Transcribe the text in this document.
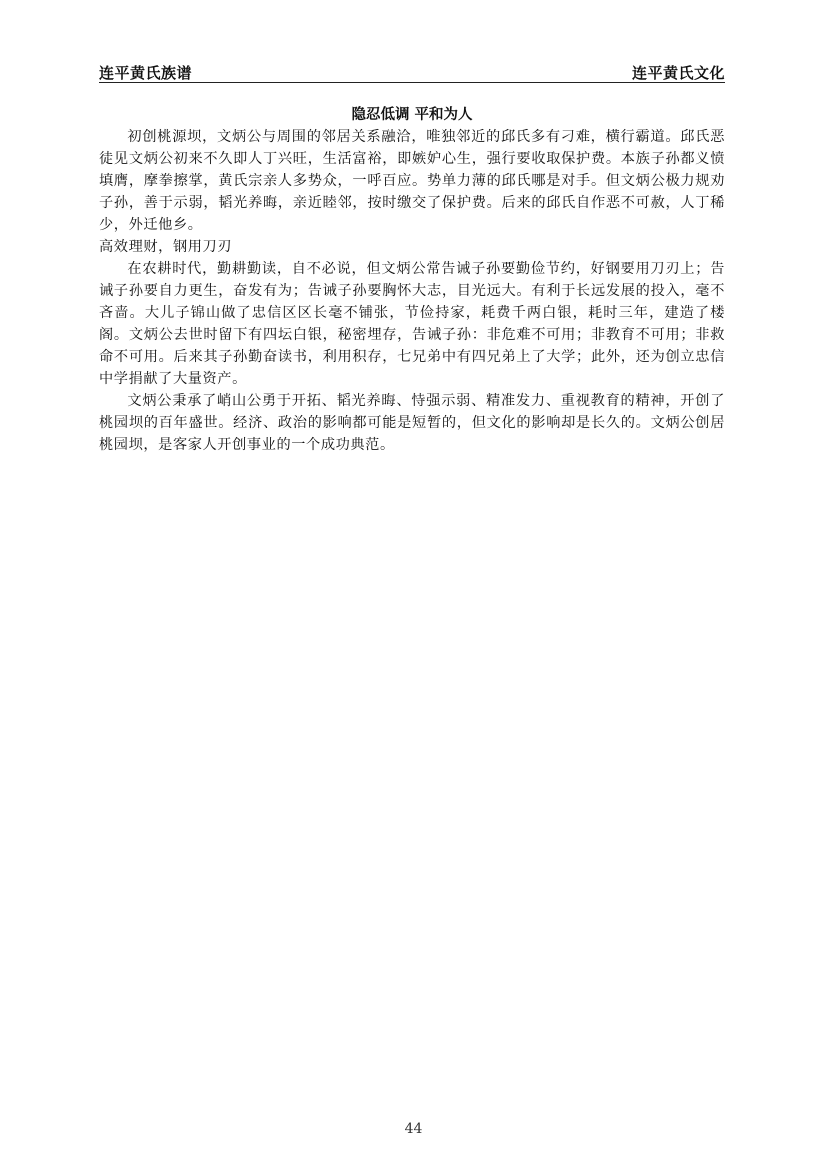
连平黄氏族谱	连平黄氏文化
隐忍低调 平和为人

初创桃源坝，文炳公与周围的邻居关系融洽，唯独邻近的邱氏多有刁难，横行霸道。邱氏恶徒见文炳公初来不久即人丁兴旺，生活富裕，即嫉妒心生，强行要收取保护费。本族子孙都义愤填膺，摩拳擦掌，黄氏宗亲人多势众，一呼百应。势单力薄的邱氏哪是对手。但文炳公极力规劝子孙，善于示弱，韬光养晦，亲近睦邻，按时缴交了保护费。后来的邱氏自作恶不可赦，人丁稀少，外迁他乡。

高效理财，钢用刀刃

在农耕时代，勤耕勤读，自不必说，但文炳公常告诫子孙要勤俭节约，好钢要用刀刃上；告诫子孙要自力更生，奋发有为；告诫子孙要胸怀大志，目光远大。有利于长远发展的投入，毫不吝啬。大儿子锦山做了忠信区区长毫不铺张，节俭持家，耗费千两白银，耗时三年，建造了楼阁。文炳公去世时留下有四坛白银，秘密埋存，告诫子孙：非危难不可用；非教育不可用；非救命不可用。后来其子孙勤奋读书，利用积存，七兄弟中有四兄弟上了大学；此外，还为创立忠信中学捐献了大量资产。

文炳公秉承了峭山公勇于开拓、韬光养晦、恃强示弱、精准发力、重视教育的精神，开创了桃园坝的百年盛世。经济、政治的影响都可能是短暂的，但文化的影响却是长久的。文炳公创居桃园坝，是客家人开创事业的一个成功典范。

44
